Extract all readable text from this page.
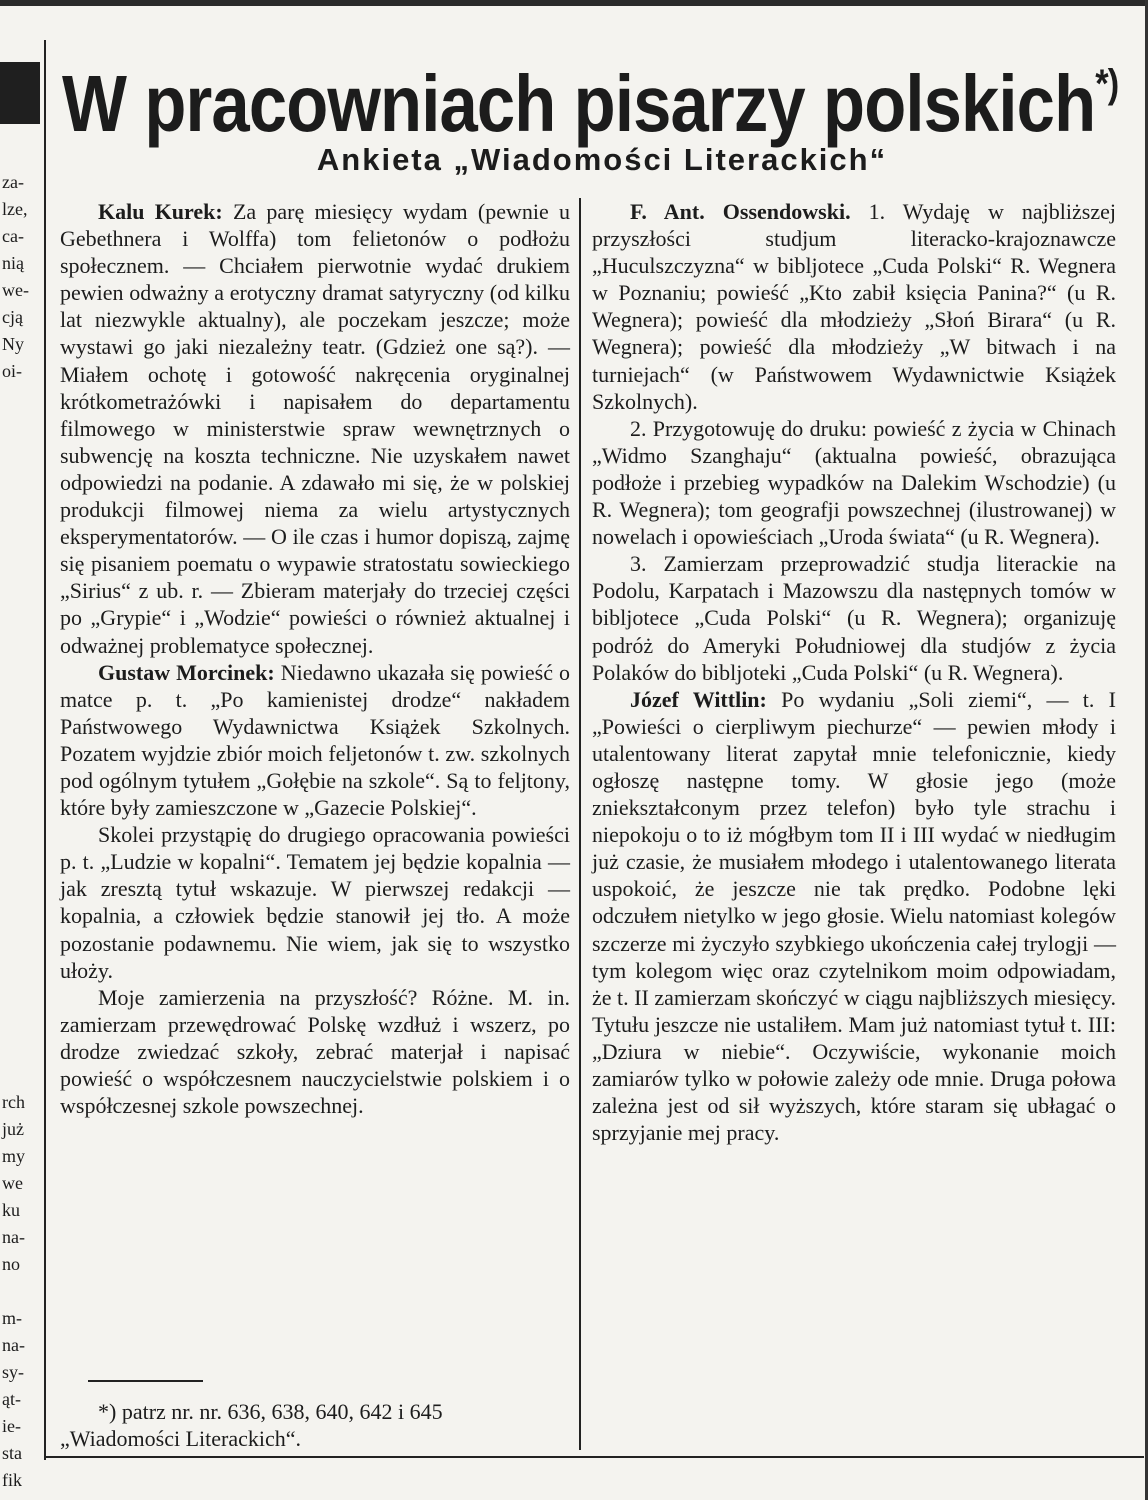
za-
lze,
ca-
nią
we-
cją
Ny
oi-
rch
już
my
we
ku
na-
no
m-
na-
sy-
ąt-
ie-
sta
fik
W pracowniach pisarzy polskich*)
Ankieta „Wiadomości Literackich“

Kalu Kurek: Za parę miesięcy wydam (pewnie u Gebethnera i Wolffa) tom felietonów o podłożu społecznem. — Chciałem pierwotnie wydać drukiem pewien odważny a erotyczny dramat satyryczny (od kilku lat niezwykle aktualny), ale poczekam jeszcze; może wystawi go jaki niezależny teatr. (Gdzież one są?). — Miałem ochotę i gotowość nakręcenia oryginalnej krótkometrażówki i napisałem do departamentu filmowego w ministerstwie spraw wewnętrznych o subwencję na koszta techniczne. Nie uzyskałem nawet odpowiedzi na podanie. A zdawało mi się, że w polskiej produkcji filmowej niema za wielu artystycznych eksperymentatorów. — O ile czas i humor dopiszą, zajmę się pisaniem poematu o wypawie stratostatu sowieckiego „Sirius“ z ub. r. — Zbieram materjały do trzeciej części po „Grypie“ i „Wodzie“ powieści o również aktualnej i odważnej problematyce społecznej.

Gustaw Morcinek: Niedawno ukazała się powieść o matce p. t. „Po kamienistej drodze“ nakładem Państwowego Wydawnictwa Książek Szkolnych. Pozatem wyjdzie zbiór moich feljetonów t. zw. szkolnych pod ogólnym tytułem „Gołębie na szkole“. Są to feljtony, które były zamieszczone w „Gazecie Polskiej“.

Skolei przystąpię do drugiego opracowania powieści p. t. „Ludzie w kopalni“. Tematem jej będzie kopalnia — jak zresztą tytuł wskazuje. W pierwszej redakcji — kopalnia, a człowiek będzie stanowił jej tło. A może pozostanie podawnemu. Nie wiem, jak się to wszystko ułoży.

Moje zamierzenia na przyszłość? Różne. M. in. zamierzam przewędrować Polskę wzdłuż i wszerz, po drodze zwiedzać szkoły, zebrać materjał i napisać powieść o współczesnem nauczycielstwie polskiem i o współczesnej szkole powszechnej.

*) patrz nr. nr. 636, 638, 640, 642 i 645
„Wiadomości Literackich“.

F. Ant. Ossendowski. 1. Wydaję w najbliższej przyszłości studjum literacko-krajoznawcze „Huculszczyzna“ w bibljotece „Cuda Polski“ R. Wegnera w Poznaniu; powieść „Kto zabił księcia Panina?“ (u R. Wegnera); powieść dla młodzieży „Słoń Birara“ (u R. Wegnera); powieść dla młodzieży „W bitwach i na turniejach“ (w Państwowem Wydawnictwie Książek Szkolnych).

2. Przygotowuję do druku: powieść z życia w Chinach „Widmo Szanghaju“ (aktualna powieść, obrazująca podłoże i przebieg wypadków na Dalekim Wschodzie) (u R. Wegnera); tom geografji powszechnej (ilustrowanej) w nowelach i opowieściach „Uroda świata“ (u R. Wegnera).

3. Zamierzam przeprowadzić studja literackie na Podolu, Karpatach i Mazowszu dla następnych tomów w bibljotece „Cuda Polski“ (u R. Wegnera); organizuję podróż do Ameryki Południowej dla studjów z życia Polaków do bibljoteki „Cuda Polski“ (u R. Wegnera).

Józef Wittlin: Po wydaniu „Soli ziemi“, — t. I „Powieści o cierpliwym piechurze“ — pewien młody i utalentowany literat zapytał mnie telefonicznie, kiedy ogłoszę następne tomy. W głosie jego (może zniekształconym przez telefon) było tyle strachu i niepokoju o to iż mógłbym tom II i III wydać w niedługim już czasie, że musiałem młodego i utalentowanego literata uspokoić, że jeszcze nie tak prędko. Podobne lęki odczułem nietylko w jego głosie. Wielu natomiast kolegów szczerze mi życzyło szybkiego ukończenia całej trylogji — tym kolegom więc oraz czytelnikom moim odpowiadam, że t. II zamierzam skończyć w ciągu najbliższych miesięcy. Tytułu jeszcze nie ustaliłem. Mam już natomiast tytuł t. III: „Dziura w niebie“. Oczywiście, wykonanie moich zamiarów tylko w połowie zależy ode mnie. Druga połowa zależna jest od sił wyższych, które staram się ubłagać o sprzyjanie mej pracy.
